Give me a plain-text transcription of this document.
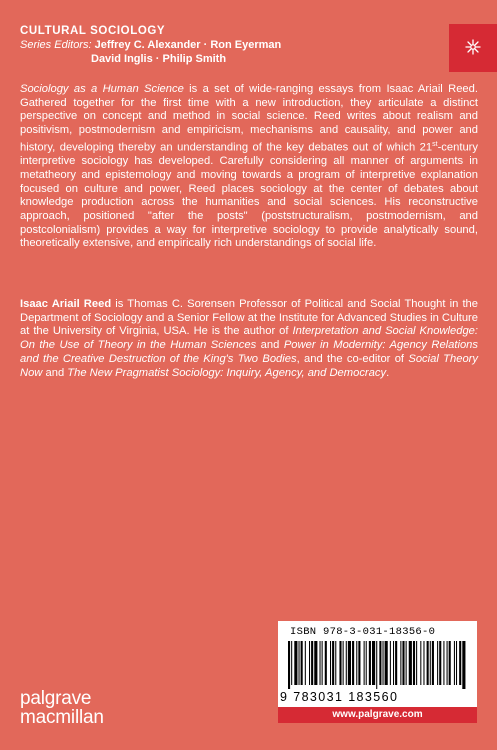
CULTURAL SOCIOLOGY
Series Editors: Jeffrey C. Alexander · Ron Eyerman
David Inglis · Philip Smith

Sociology as a Human Science is a set of wide-ranging essays from Isaac Ariail Reed. Gathered together for the first time with a new introduction, they articulate a distinct perspective on concept and method in social science. Reed writes about realism and positivism, postmodernism and empiricism, mechanisms and causality, and power and history, developing thereby an understanding of the key debates out of which 21st-century interpretive sociology has developed. Carefully considering all manner of arguments in metatheory and epistemology and moving towards a program of interpretive explanation focused on culture and power, Reed places sociology at the center of debates about knowledge production across the humanities and social sciences. His reconstructive approach, positioned "after the posts" (poststructuralism, postmodernism, and postcolonialism) provides a way for interpretive sociology to provide analytically sound, theoretically extensive, and empirically rich understandings of social life.

Isaac Ariail Reed is Thomas C. Sorensen Professor of Political and Social Thought in the Department of Sociology and a Senior Fellow at the Institute for Advanced Studies in Culture at the University of Virginia, USA. He is the author of Interpretation and Social Knowledge: On the Use of Theory in the Human Sciences and Power in Modernity: Agency Relations and the Creative Destruction of the King's Two Bodies, and the co-editor of Social Theory Now and The New Pragmatist Sociology: Inquiry, Agency, and Democracy.

ISBN 978-3-031-18356-0
9 783031 183560
www.palgrave.com
palgrave
macmillan
